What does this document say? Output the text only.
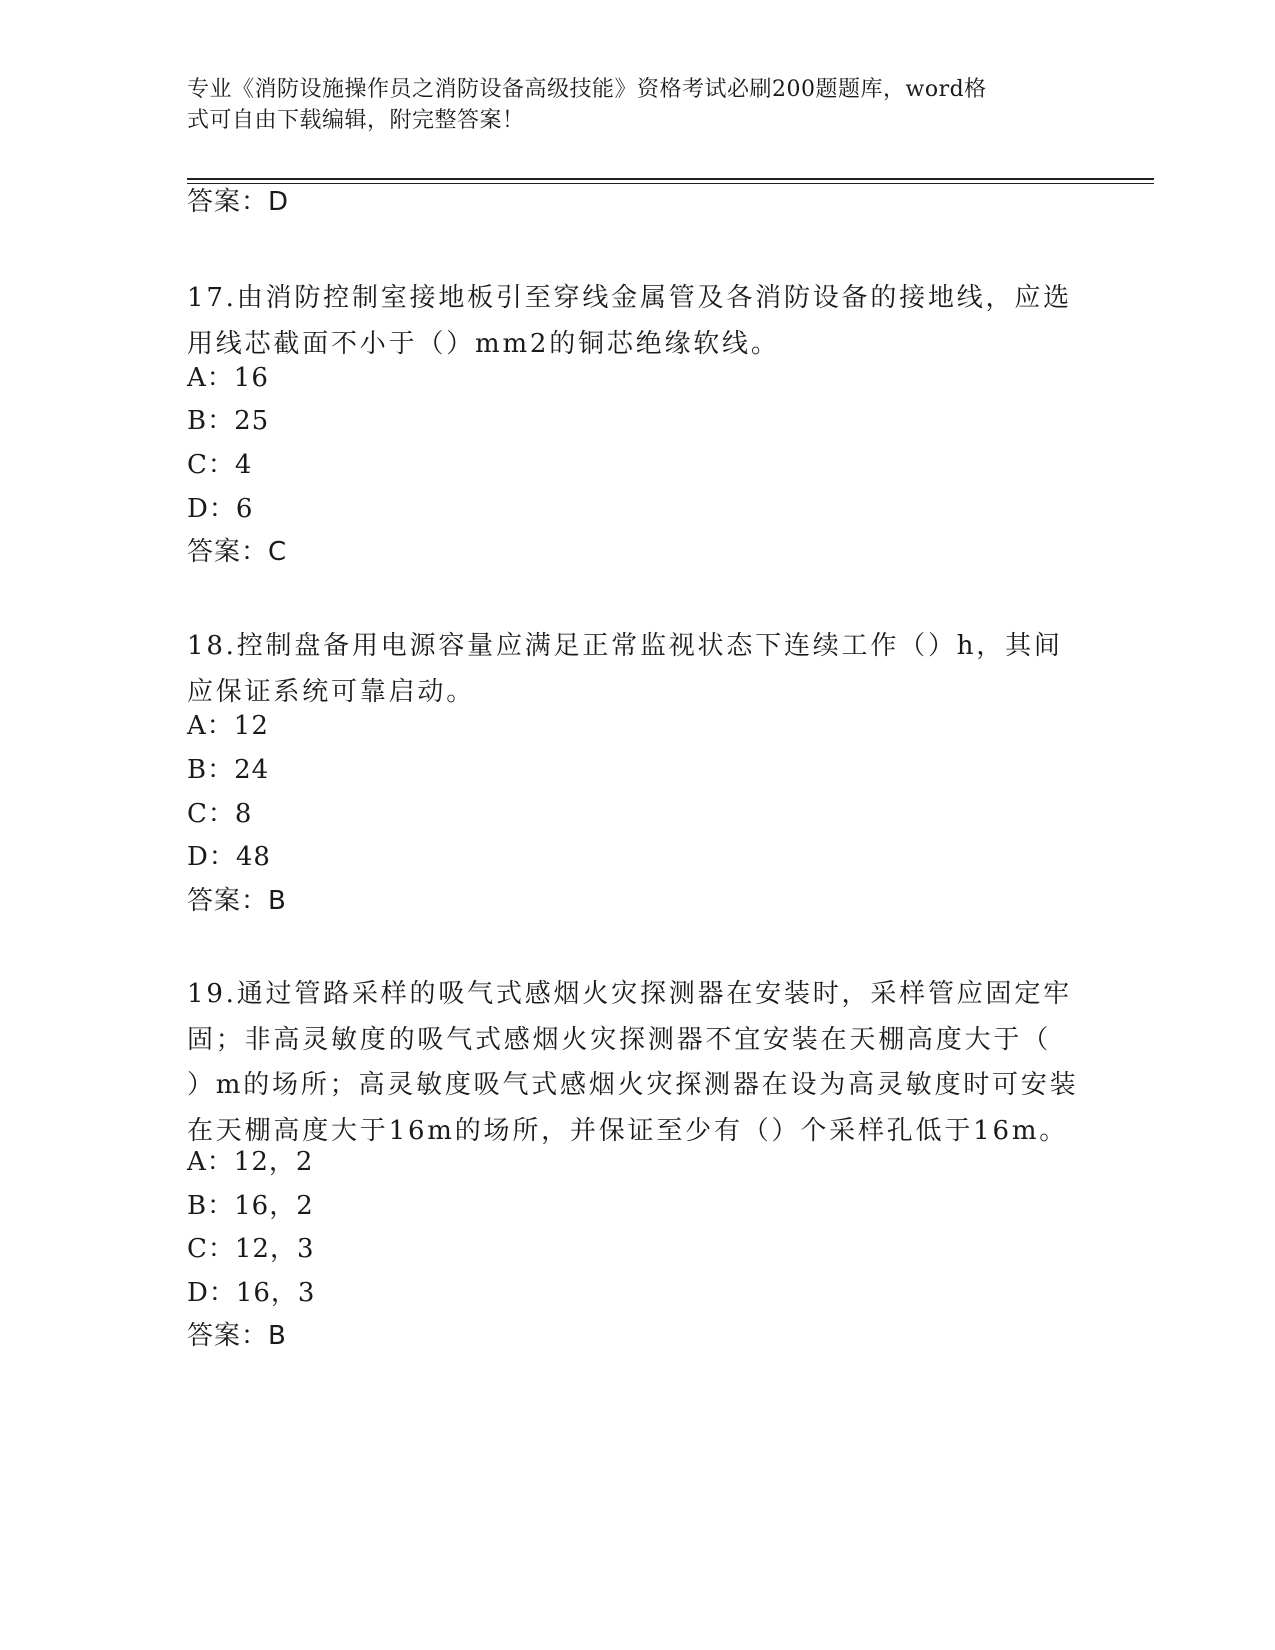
专业《消防设施操作员之消防设备高级技能》资格考试必刷200题题库，word格
式可自由下载编辑，附完整答案！
答案：D
17.由消防控制室接地板引至穿线金属管及各消防设备的接地线，应选
用线芯截面不小于（）mm2的铜芯绝缘软线。
A：16
B：25
C：4
D：6
答案：C
18.控制盘备用电源容量应满足正常监视状态下连续工作（）h，其间
应保证系统可靠启动。
A：12
B：24
C：8
D：48
答案：B
19.通过管路采样的吸气式感烟火灾探测器在安装时，采样管应固定牢
固；非高灵敏度的吸气式感烟火灾探测器不宜安装在天棚高度大于（
）m的场所；高灵敏度吸气式感烟火灾探测器在设为高灵敏度时可安装
在天棚高度大于16m的场所，并保证至少有（）个采样孔低于16m。
A：12，2
B：16，2
C：12，3
D：16，3
答案：B
